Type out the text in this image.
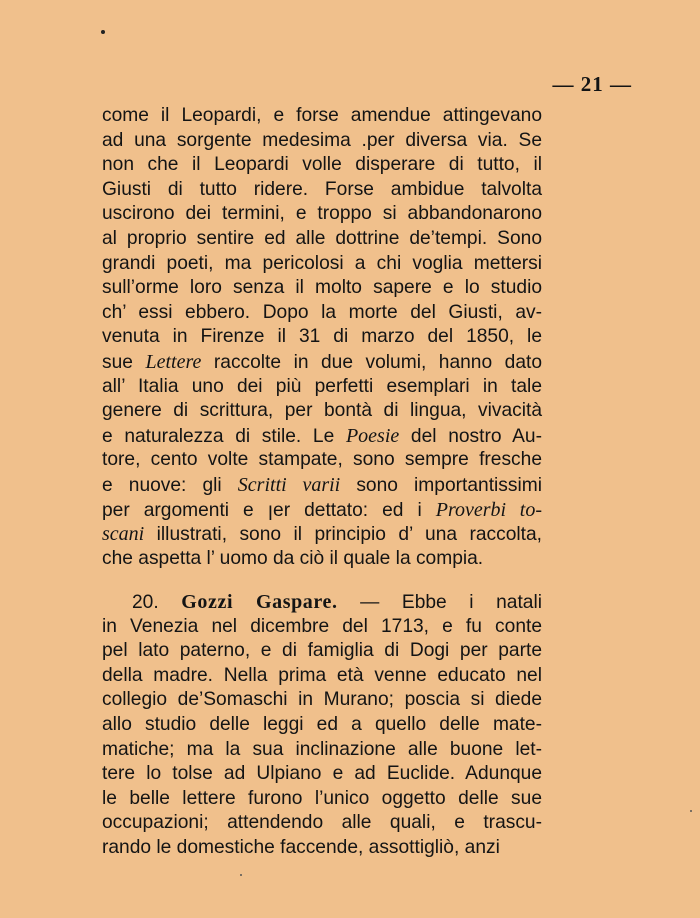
— 21 —
come il Leopardi, e forse amendue attingevano
ad una sorgente medesima .per diversa via. Se
non che il Leopardi volle disperare di tutto, il
Giusti di tutto ridere. Forse ambidue talvolta
uscirono dei termini, e troppo si abbandonarono
al proprio sentire ed alle dottrine de’tempi. Sono
grandi poeti, ma pericolosi a chi voglia mettersi
sull’orme loro senza il molto sapere e lo studio
ch’ essi ebbero. Dopo la morte del Giusti, av-
venuta in Firenze il 31 di marzo del 1850, le
sue Lettere raccolte in due volumi, hanno dato
all’ Italia uno dei più perfetti esemplari in tale
genere di scrittura, per bontà di lingua, vivacità
e naturalezza di stile. Le Poesie del nostro Au-
tore, cento volte stampate, sono sempre fresche
e nuove: gli Scritti varii sono importantissimi
per argomenti e ꞁer dettato: ed i Proverbi to-
scani illustrati, sono il principio d’ una raccolta,
che aspetta l’ uomo da ciò il quale la compia.
20. Gozzi Gaspare. — Ebbe i natali
in Venezia nel dicembre del 1713, e fu conte
pel lato paterno, e di famiglia di Dogi per parte
della madre. Nella prima età venne educato nel
collegio de’Somaschi in Murano; poscia si diede
allo studio delle leggi ed a quello delle mate-
matiche; ma la sua inclinazione alle buone let-
tere lo tolse ad Ulpiano e ad Euclide. Adunque
le belle lettere furono l’unico oggetto delle sue
occupazioni; attendendo alle quali, e trascu-
rando le domestiche faccende, assottigliò, anzi
